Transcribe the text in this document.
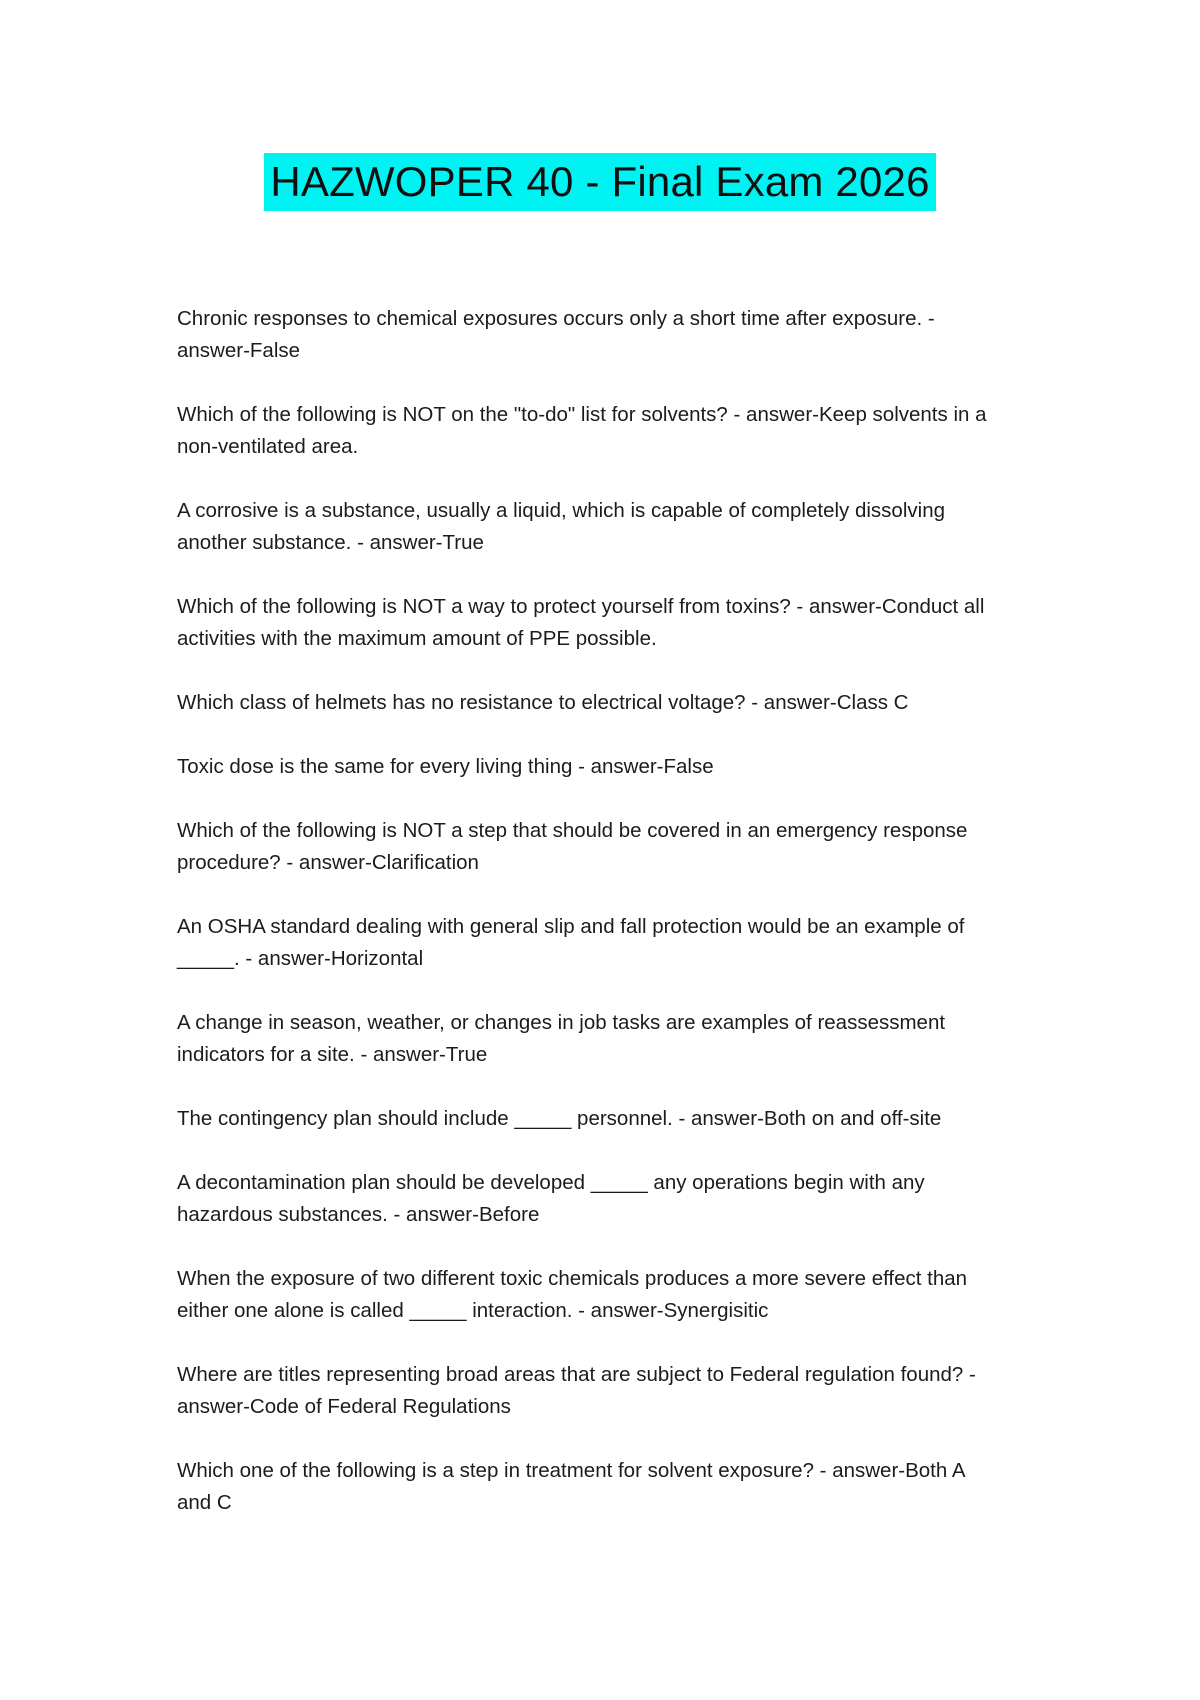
HAZWOPER 40 - Final Exam 2026
Chronic responses to chemical exposures occurs only a short time after exposure. - answer-False
Which of the following is NOT on the "to-do" list for solvents? - answer-Keep solvents in a non-ventilated area.
A corrosive is a substance, usually a liquid, which is capable of completely dissolving another substance. - answer-True
Which of the following is NOT a way to protect yourself from toxins? - answer-Conduct all activities with the maximum amount of PPE possible.
Which class of helmets has no resistance to electrical voltage? - answer-Class C
Toxic dose is the same for every living thing - answer-False
Which of the following is NOT a step that should be covered in an emergency response procedure? - answer-Clarification
An OSHA standard dealing with general slip and fall protection would be an example of _____. - answer-Horizontal
A change in season, weather, or changes in job tasks are examples of reassessment indicators for a site. - answer-True
The contingency plan should include _____ personnel. - answer-Both on and off-site
A decontamination plan should be developed _____ any operations begin with any hazardous substances. - answer-Before
When the exposure of two different toxic chemicals produces a more severe effect than either one alone is called _____ interaction. - answer-Synergisitic
Where are titles representing broad areas that are subject to Federal regulation found? - answer-Code of Federal Regulations
Which one of the following is a step in treatment for solvent exposure? - answer-Both A and C
